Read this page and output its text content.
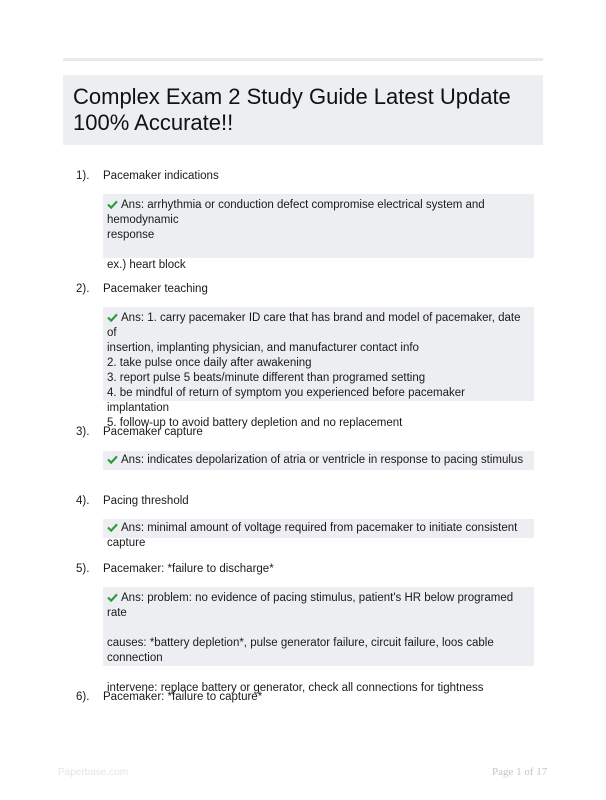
Complex Exam 2 Study Guide Latest Update
100% Accurate!!
1). Pacemaker indications
Ans: arrhythmia or conduction defect compromise electrical system and hemodynamic
response

ex.) heart block
2). Pacemaker teaching
Ans: 1. carry pacemaker ID care that has brand and model of pacemaker, date of
insertion, implanting physician, and manufacturer contact info
2. take pulse once daily after awakening
3. report pulse 5 beats/minute different than programed setting
4. be mindful of return of symptom you experienced before pacemaker implantation
5. follow-up to avoid battery depletion and no replacement
3). Pacemaker capture
Ans: indicates depolarization of atria or ventricle in response to pacing stimulus
4). Pacing threshold
Ans: minimal amount of voltage required from pacemaker to initiate consistent capture
5). Pacemaker: *failure to discharge*
Ans: problem: no evidence of pacing stimulus, patient's HR below programed rate

causes: *battery depletion*, pulse generator failure, circuit failure, loos cable connection

intervene: replace battery or generator, check all connections for tightness
6). Pacemaker: *failure to capture*
Paperbase.com	Page 1 of 17
